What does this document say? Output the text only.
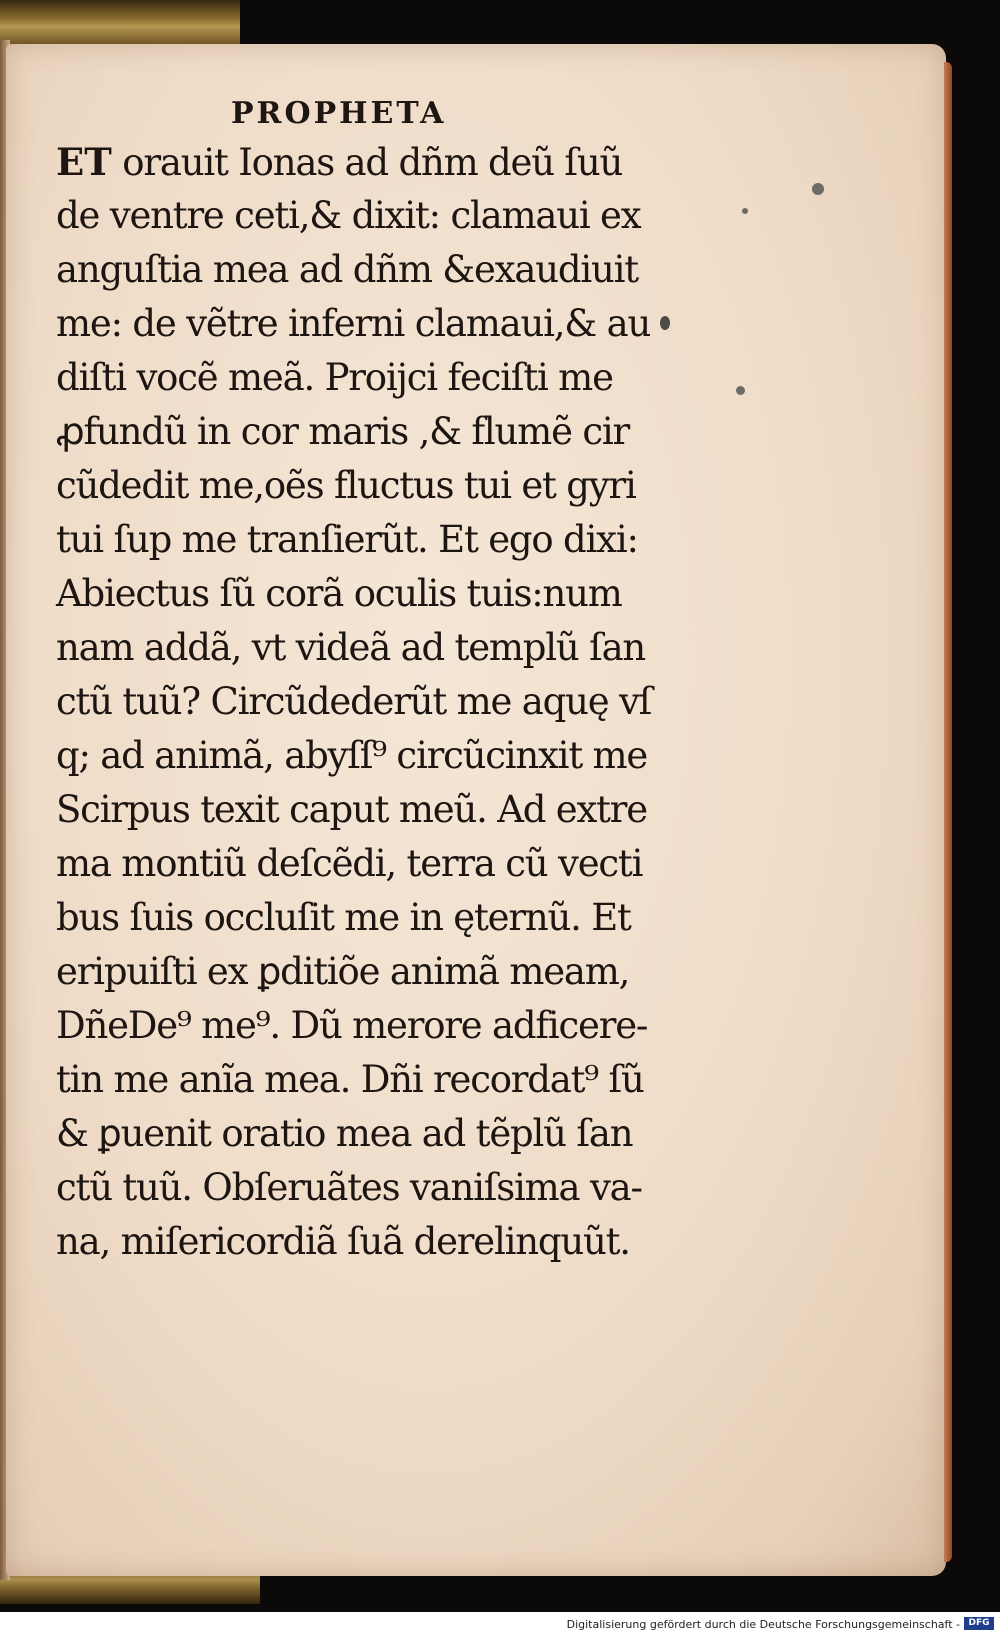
PROPHETA
ET orauit Ionas ad dñm deũ ſuũ
de ventre ceti,& dixit: clamaui ex
anguſtia mea ad dñm &exaudiuit
me: de vẽtre inferni clamaui,& au
diſti vocẽ meã. Proijci feciſti me
ꝓfundũ in cor maris ,& flumẽ cir
cũdedit me,oẽs fluctus tui et gyri
tui ſup me tranſierũt. Et ego dixi:
Abiectus ſũ corã oculis tuis:num
nam addã, vt videã ad templũ ſan
ctũ tuũ? Circũdederũt me aquę vſ
q; ad animã, abyſſ⁹ circũcinxit me
Scirpus texit caput meũ. Ad extre
ma montiũ deſcẽdi, terra cũ vecti
bus ſuis occluſit me in ęternũ. Et
eripuiſti ex ꝑditiõe animã meam,
DñeDe⁹ me⁹. Dũ merore adficere-
tin me anĩa mea. Dñi recordat⁹ ſũ
& ꝑuenit oratio mea ad tẽplũ ſan
ctũ tuũ. Obſeruãtes vaniſsima va-
na, miſericordiã ſuã derelinquũt.
Digitalisierung gefördert durch die Deutsche Forschungsgemeinschaft - DFG
